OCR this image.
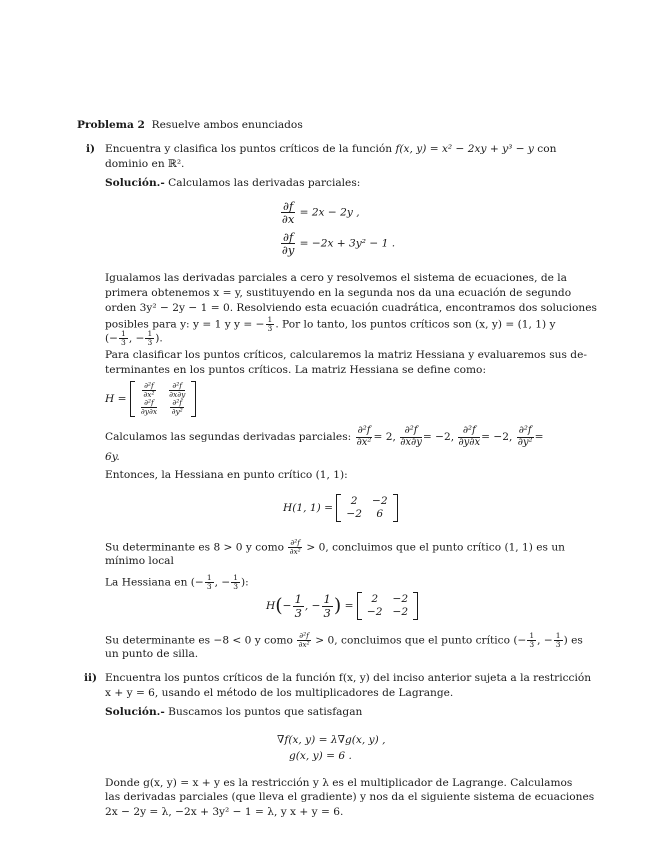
Problema 2 Resuelve ambos enunciados
i) Encuentra y clasifica los puntos críticos de la función f(x, y) = x² − 2xy + y³ − y con
dominio en ℝ².
Solución.- Calculamos las derivadas parciales:
$\frac{\partial f}{\partial x} = 2x - 2y$ ,
$\frac{\partial f}{\partial y} = -2x + 3y^2 - 1$ .
Igualamos las derivadas parciales a cero y resolvemos el sistema de ecuaciones, de la
primera obtenemos x = y, sustituyendo en la segunda nos da una ecuación de segundo
orden 3y² − 2y − 1 = 0. Resolviendo esta ecuación cuadrática, encontramos dos soluciones
posibles para y: y = 1 y y = − $\frac{1}{3}$ . Por lo tanto, los puntos críticos son (x, y) = (1, 1) y
(− $\frac{1}{3}$ , − $\frac{1}{3}$ ).
Para clasificar los puntos críticos, calcularemos la matriz Hessiana y evaluaremos sus de-
terminantes en los puntos críticos. La matriz Hessiana se define como:
$H = \frac{\text{∂²f}}{\text{∂x²}}$	$\frac{\text{∂²f}}{\partial x\partial y}$

$\frac{\text{∂²f}}{\partial y\partial x}$	$\frac{\text{∂²f}}{\text{∂y²}}$
Calculamos las segundas derivadas parciales: $\frac{\text{∂²f}}{\text{∂x²}} = 2$, $\frac{\text{∂²f}}{\partial x\partial y} = -2$, $\frac{\text{∂²f}}{\partial y\partial x} = -2$, $\frac{\text{∂²f}}{\text{∂y²}}$ =
6y.
Entonces, la Hessiana en punto crítico (1, 1):
H(1, 1) =
2	−2
−2	6
Su determinante es 8 > 0 y como $\frac{\text{∂²f}}{\text{∂x²}} > 0$, concluimos que el punto crítico (1, 1) es un
mínimo local
La Hessiana en (− $\frac{1}{3}$ , − $\frac{1}{3}$ ):
$H(- \frac{1}{3}$ , − $\frac{1}{3}$ ) =
2	−2
−2	−2
Su determinante es −8 < 0 y como $\frac{\text{∂²f}}{\text{∂x²}} > 0$, concluimos que el punto crítico (− $\frac{1}{3}$ , − $\frac{1}{3}$ ) es
un punto de silla.
ii) Encuentra los puntos críticos de la función f(x, y) del inciso anterior sujeta a la restricción
x + y = 6, usando el método de los multiplicadores de Lagrange.
Solución.- Buscamos los puntos que satisfagan
∇f(x, y) = λ∇g(x, y) ,
g(x, y) = 6 .
Donde g(x, y) = x + y es la restricción y λ es el multiplicador de Lagrange. Calculamos
las derivadas parciales (que lleva el gradiente) y nos da el siguiente sistema de ecuaciones
2x − 2y = λ, −2x + 3y² − 1 = λ, y x + y = 6.
